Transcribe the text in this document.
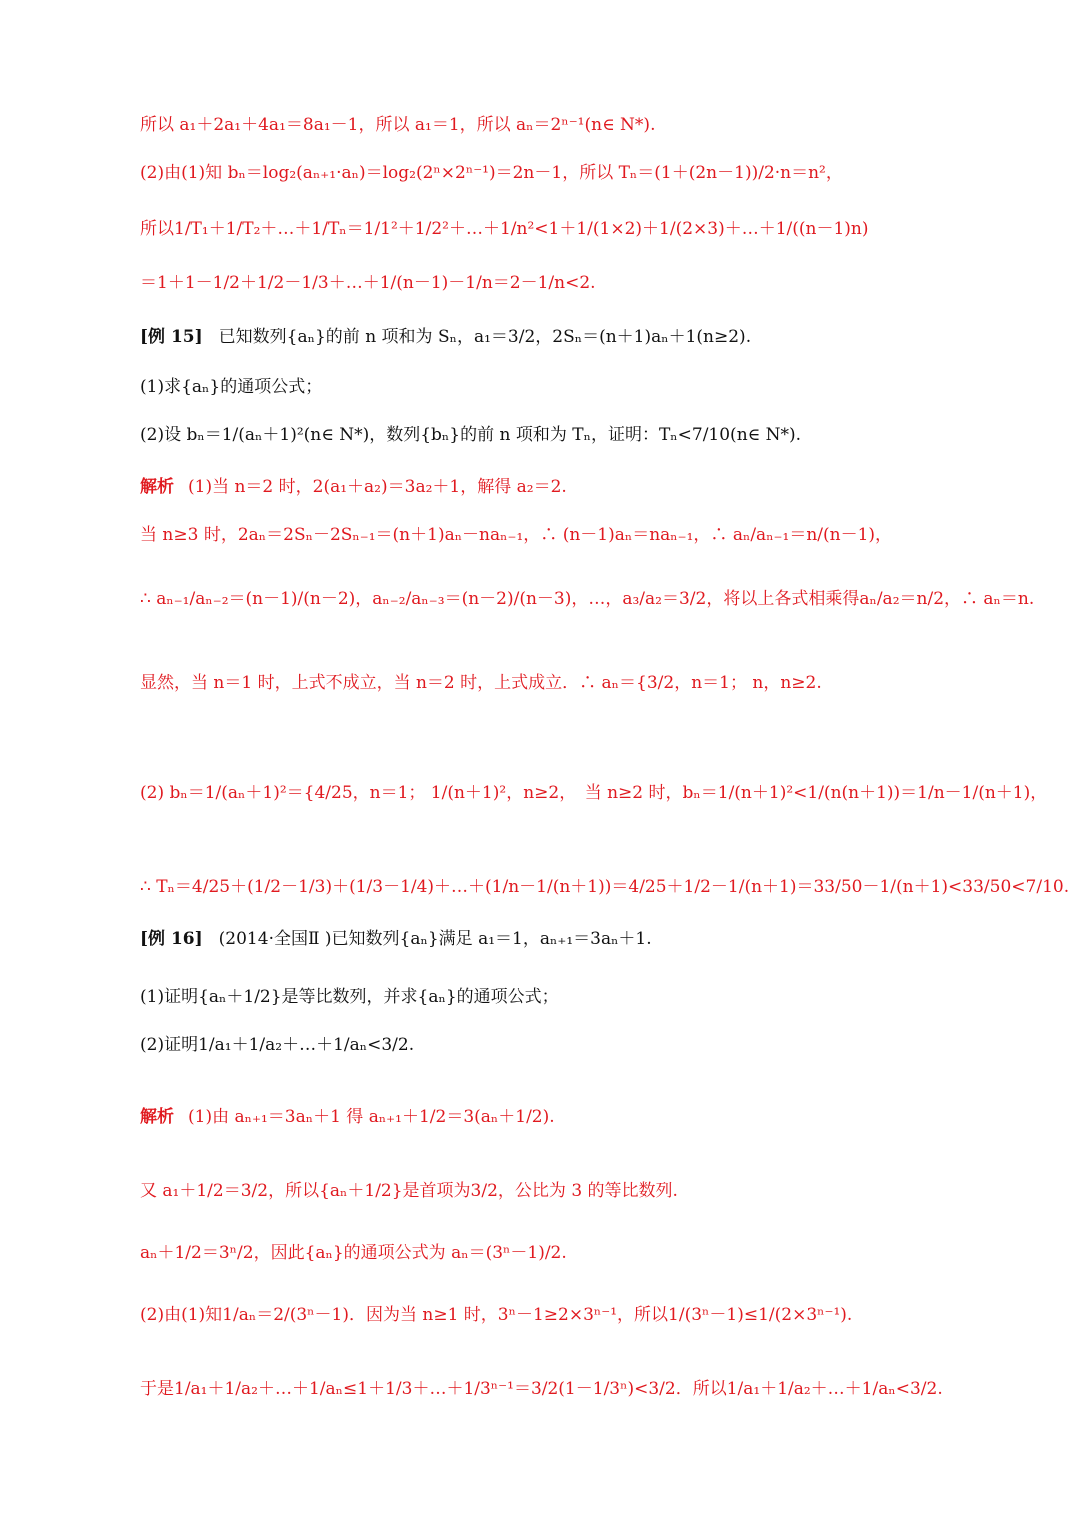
所以 a₁＋2a₁＋4a₁＝8a₁－1，所以 a₁＝1，所以 aₙ＝2ⁿ⁻¹(n∈ N*).
(2)由(1)知 bₙ＝log₂(aₙ₊₁·aₙ)＝log₂(2ⁿ×2ⁿ⁻¹)＝2n－1，所以 Tₙ＝(1＋(2n－1))/2·n＝n²，
所以1/T₁＋1/T₂＋…＋1/Tₙ＝1/1²＋1/2²＋…＋1/n²<1＋1/(1×2)＋1/(2×3)＋…＋1/((n－1)n)
＝1＋1－1/2＋1/2－1/3＋…＋1/(n－1)－1/n＝2－1/n<2.
[例 15] 已知数列{aₙ}的前 n 项和为 Sₙ，a₁＝3/2，2Sₙ＝(n＋1)aₙ＋1(n≥2).
(1)求{aₙ}的通项公式；
(2)设 bₙ＝1/(aₙ＋1)²(n∈ N*)，数列{bₙ}的前 n 项和为 Tₙ，证明：Tₙ<7/10(n∈ N*).
解析 (1)当 n＝2 时，2(a₁＋a₂)＝3a₂＋1，解得 a₂＝2.
当 n≥3 时，2aₙ＝2Sₙ－2Sₙ₋₁＝(n＋1)aₙ－naₙ₋₁，∴ (n－1)aₙ＝naₙ₋₁，∴ aₙ/aₙ₋₁＝n/(n－1)，
∴ aₙ₋₁/aₙ₋₂＝(n－1)/(n－2)，aₙ₋₂/aₙ₋₃＝(n－2)/(n－3)，…，a₃/a₂＝3/2，将以上各式相乘得aₙ/a₂＝n/2，∴ aₙ＝n.
显然，当 n＝1 时，上式不成立，当 n＝2 时，上式成立．∴ aₙ＝{3/2，n＝1； n，n≥2.
(2) bₙ＝1/(aₙ＋1)²＝{4/25，n＝1； 1/(n＋1)²，n≥2，　当 n≥2 时，bₙ＝1/(n＋1)²<1/(n(n＋1))＝1/n－1/(n＋1)，
∴ Tₙ＝4/25＋(1/2－1/3)＋(1/3－1/4)＋…＋(1/n－1/(n＋1))＝4/25＋1/2－1/(n＋1)＝33/50－1/(n＋1)<33/50<7/10.
[例 16] (2014·全国Ⅱ )已知数列{aₙ}满足 a₁＝1，aₙ₊₁＝3aₙ＋1.
(1)证明{aₙ＋1/2}是等比数列，并求{aₙ}的通项公式；
(2)证明1/a₁＋1/a₂＋…＋1/aₙ<3/2.
解析 (1)由 aₙ₊₁＝3aₙ＋1 得 aₙ₊₁＋1/2＝3(aₙ＋1/2).
又 a₁＋1/2＝3/2，所以{aₙ＋1/2}是首项为3/2，公比为 3 的等比数列.
aₙ＋1/2＝3ⁿ/2，因此{aₙ}的通项公式为 aₙ＝(3ⁿ－1)/2.
(2)由(1)知1/aₙ＝2/(3ⁿ－1)．因为当 n≥1 时，3ⁿ－1≥2×3ⁿ⁻¹，所以1/(3ⁿ－1)≤1/(2×3ⁿ⁻¹).
于是1/a₁＋1/a₂＋…＋1/aₙ≤1＋1/3＋…＋1/3ⁿ⁻¹＝3/2(1－1/3ⁿ)<3/2．所以1/a₁＋1/a₂＋…＋1/aₙ<3/2.
